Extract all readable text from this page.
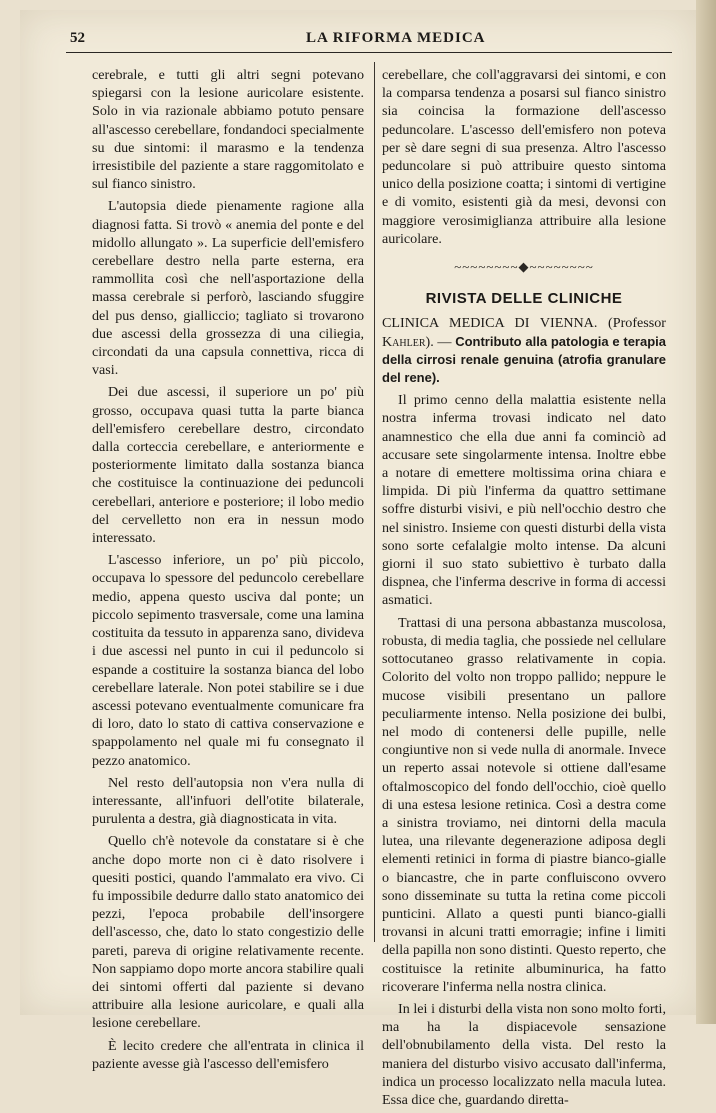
52	LA RIFORMA MEDICA

cerebrale, e tutti gli altri segni potevano spiegarsi con la lesione auricolare esistente. Solo in via razionale abbiamo potuto pensare all'ascesso cerebellare, fondandoci specialmente su due sintomi: il marasmo e la tendenza irresistibile del paziente a stare raggomitolato e sul fianco sinistro.

L'autopsia diede pienamente ragione alla diagnosi fatta. Si trovò « anemia del ponte e del midollo allungato ». La superficie dell'emisfero cerebellare destro nella parte esterna, era rammollita così che nell'asportazione della massa cerebrale si perforò, lasciando sfuggire del pus denso, gialliccio; tagliato si trovarono due ascessi della grossezza di una ciliegia, circondati da una capsula connettiva, ricca di vasi.

Dei due ascessi, il superiore un po' più grosso, occupava quasi tutta la parte bianca dell'emisfero cerebellare destro, circondato dalla corteccia cerebellare, e anteriormente e posteriormente limitato dalla sostanza bianca che costituisce la continuazione dei peduncoli cerebellari, anteriore e posteriore; il lobo medio del cervelletto non era in nessun modo interessato.

L'ascesso inferiore, un po' più piccolo, occupava lo spessore del peduncolo cerebellare medio, appena questo usciva dal ponte; un piccolo sepimento trasversale, come una lamina costituita da tessuto in apparenza sano, divideva i due ascessi nel punto in cui il peduncolo si espande a costituire la sostanza bianca del lobo cerebellare laterale. Non potei stabilire se i due ascessi potevano eventualmente comunicare fra di loro, dato lo stato di cattiva conservazione e spappolamento nel quale mi fu consegnato il pezzo anatomico.

Nel resto dell'autopsia non v'era nulla di interessante, all'infuori dell'otite bilaterale, purulenta a destra, già diagnosticata in vita.

Quello ch'è notevole da constatare si è che anche dopo morte non ci è dato risolvere i quesiti postici, quando l'ammalato era vivo. Ci fu impossibile dedurre dallo stato anatomico dei pezzi, l'epoca probabile dell'insorgere dell'ascesso, che, dato lo stato congestizio delle pareti, pareva di origine relativamente recente. Non sappiamo dopo morte ancora stabilire quali dei sintomi offerti dal paziente si devano attribuire alla lesione auricolare, e quali alla lesione cerebellare.

È lecito credere che all'entrata in clinica il paziente avesse già l'ascesso dell'emisfero

cerebellare, che coll'aggravarsi dei sintomi, e con la comparsa tendenza a posarsi sul fianco sinistro sia coincisa la formazione dell'ascesso peduncolare. L'ascesso dell'emisfero non poteva per sè dare segni di sua presenza. Altro l'ascesso peduncolare si può attribuire questo sintoma unico della posizione coatta; i sintomi di vertigine e di vomito, esistenti già da mesi, devonsi con maggiore verosimiglianza attribuire alla lesione auricolare.

~~~~~~~~◆~~~~~~~~
RIVISTA DELLE CLINICHE

CLINICA MEDICA DI VIENNA. (Professor Kahler). — Contributo alla patologia e terapia della cirrosi renale genuina (atrofia granulare del rene).

Il primo cenno della malattia esistente nella nostra inferma trovasi indicato nel dato anamnestico che ella due anni fa cominciò ad accusare sete singolarmente intensa. Inoltre ebbe a notare di emettere moltissima orina chiara e limpida. Di più l'inferma da quattro settimane soffre disturbi visivi, e più nell'occhio destro che nel sinistro. Insieme con questi disturbi della vista sono sorte cefalalgie molto intense. Da alcuni giorni il suo stato subiettivo è turbato dalla dispnea, che l'inferma descrive in forma di accessi asmatici.

Trattasi di una persona abbastanza muscolosa, robusta, di media taglia, che possiede nel cellulare sottocutaneo grasso relativamente in copia. Colorito del volto non troppo pallido; neppure le mucose visibili presentano un pallore peculiarmente intenso. Nella posizione dei bulbi, nel modo di contenersi delle pupille, nelle congiuntive non si vede nulla di anormale. Invece un reperto assai notevole si ottiene dall'esame oftalmoscopico del fondo dell'occhio, cioè quello di una estesa lesione retinica. Così a destra come a sinistra troviamo, nei dintorni della macula lutea, una rilevante degenerazione adiposa degli elementi retinici in forma di piastre bianco-gialle o biancastre, che in parte confluiscono ovvero sono disseminate su tutta la retina come piccoli punticini. Allato a questi punti bianco-gialli trovansi in alcuni tratti emorragie; infine i limiti della papilla non sono distinti. Questo reperto, che costituisce la retinite albuminurica, ha fatto ricoverare l'inferma nella nostra clinica.

In lei i disturbi della vista non sono molto forti, ma ha la dispiacevole sensazione dell'obnubilamento della vista. Del resto la maniera del disturbo visivo accusato dall'inferma, indica un processo localizzato nella macula lutea. Essa dice che, guardando diretta-
